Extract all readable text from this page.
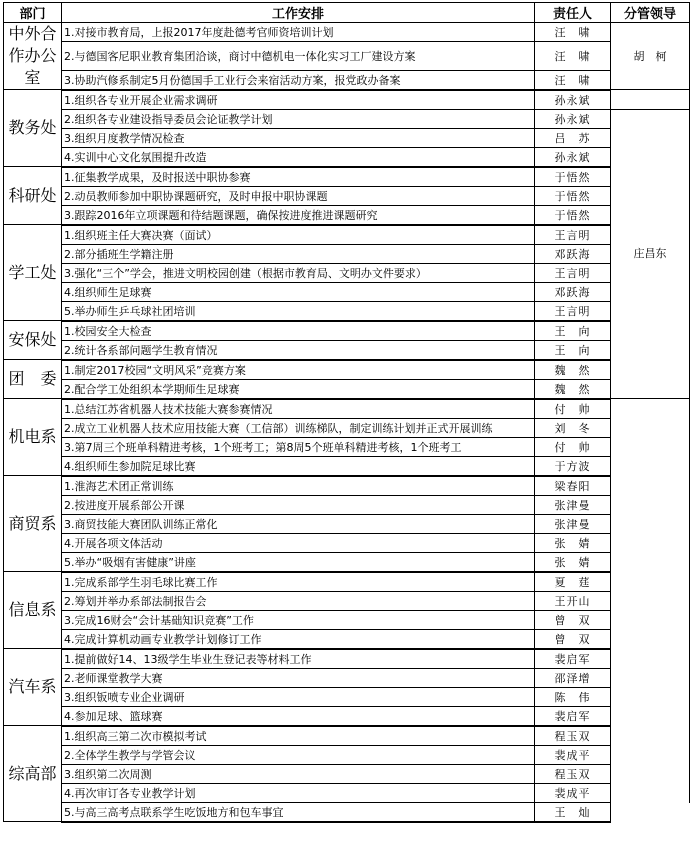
部门	工作安排	责任人	分管领导	
中外合作办公室	1.对接市教育局，上报2017年度赴德考官师资培训计划	汪　啸	胡　柯	
	2.与德国客尼职业教育集团洽谈，商讨中德机电一体化实习工厂建设方案	汪　啸	
	3.协助汽修系制定5月份德国手工业行会来宿活动方案，报党政办备案	汪　啸		
教务处	1.组织各专业开展企业需求调研	孙永斌		
	2.组织各专业建设指导委员会论证教学计划	孙永斌	庄昌东	
	3.组织月度教学情况检查	吕　苏		
	4.实训中心文化氛围提升改造	孙永斌		
科研处	1.征集教学成果，及时报送中职协参赛	于悟然	
	2.动员教师参加中职协课题研究，及时申报中职协课题	于悟然		
	3.跟踪2016年立项课题和待结题课题，确保按进度推进课题研究	于悟然		
学工处	1.组织班主任大赛决赛（面试）	王言明		
	2.部分插班生学籍注册	邓跃海		
	3.强化“三个”学会，推进文明校园创建（根据市教育局、文明办文件要求）	王言明		
	4.组织师生足球赛	邓跃海		
	5.举办师生乒乓球社团培训	王言明		
安保处	1.校园安全大检查	王　向		
	2.统计各系部问题学生教育情况	王　向		
团　委	1.制定2017校园“文明风采”竞赛方案	魏　然		
	2.配合学工处组织本学期师生足球赛	魏　然		
机电系	1.总结江苏省机器人技术技能大赛参赛情况	付　帅		
	2.成立工业机器人技术应用技能大赛（工信部）训练梯队，制定训练计划并正式开展训练	刘　冬		
	3.第7周三个班单科精进考核，1个班考工；第8周5个班单科精进考核，1个班考工	付　帅		
	4.组织师生参加院足球比赛	于方波		
商贸系	1.淮海艺术团正常训练	梁春阳		
	2.按进度开展系部公开课	张津曼		
	3.商贸技能大赛团队训练正常化	张津曼		
	4.开展各项文体活动	张　婧		
	5.举办“吸烟有害健康”讲座	张　婧		
信息系	1.完成系部学生羽毛球比赛工作	夏　莛		
	2.筹划并举办系部法制报告会	王开山		
	3.完成16财会“会计基础知识竞赛”工作	曾　双		
	4.完成计算机动画专业教学计划修订工作	曾　双		
汽车系	1.提前做好14、13级学生毕业生登记表等材料工作	裴启军		
	2.老师课堂教学大赛	邵泽增		
	3.组织钣喷专业企业调研	陈　伟		
	4.参加足球、篮球赛	裴启军		
综高部	1.组织高三第二次市模拟考试	程玉双		
	2.全体学生教学与学管会议	裴成平		
	3.组织第二次周测	程玉双		
	4.再次审订各专业教学计划	裴成平		
	5.与高三高考点联系学生吃饭地方和包车事宜	王　灿		
